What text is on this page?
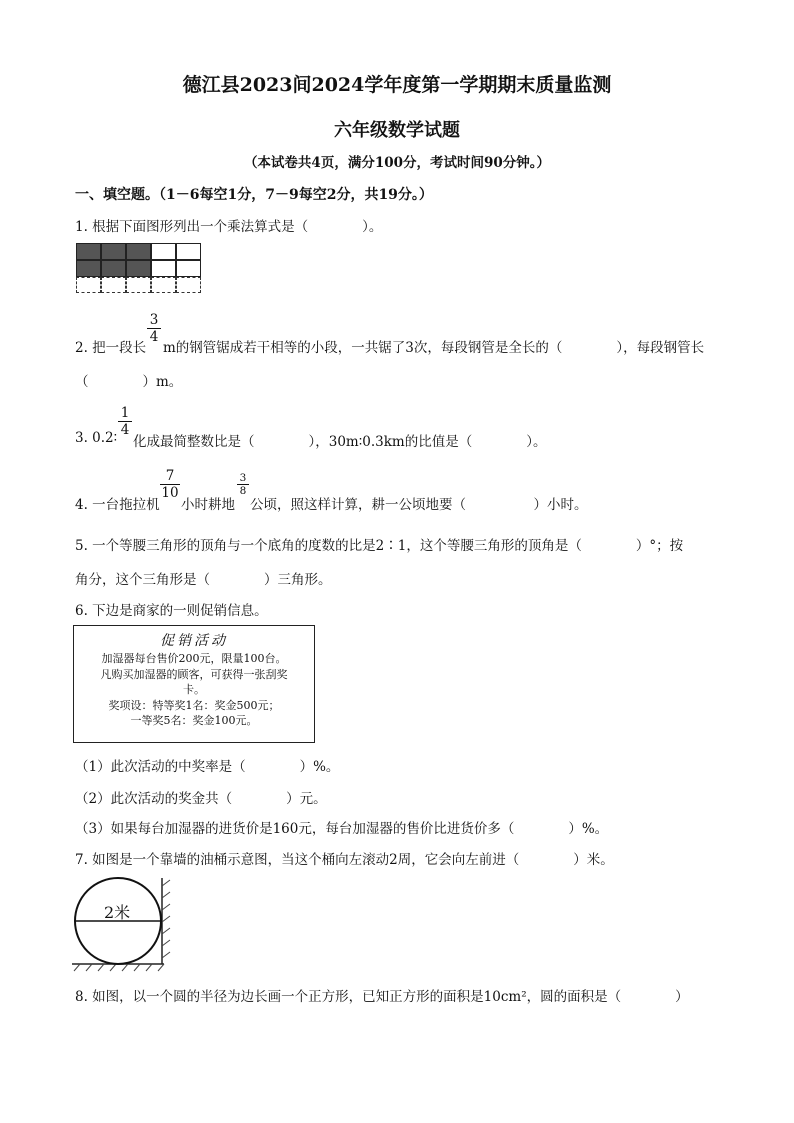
德江县2023间2024学年度第一学期期末质量监测
六年级数学试题
（本试卷共4页，满分100分，考试时间90分钟。）
一、填空题。（1－6每空1分，7－9每空2分，共19分。）
1. 根据下面图形列出一个乘法算式是（　　　　）。
2. 把一段长
$\frac{3}{4}$
m的钢管锯成若干相等的小段，一共锯了3次，每段钢管是全长的（　　　　），每段钢管长
（　　　　）m。
3. 0.2∶ $\frac{1}{4}$
化成最简整数比是（　　　　），30m∶0.3km的比值是（　　　　）。
4. 一台拖拉机
$\frac{7}{10}$
小时耕地
$\frac{3}{8}$
公顷，照这样计算，耕一公顷地要（　　　　　）小时。
5. 一个等腰三角形的顶角与一个底角的度数的比是2∶1，这个等腰三角形的顶角是（　　　　）°；按
角分，这个三角形是（　　　　）三角形。
6. 下边是商家的一则促销信息。
促销活动
加湿器每台售价200元，限量100台。
凡购买加湿器的顾客，可获得一张刮奖
卡。
奖项设：特等奖1名：奖金500元；
一等奖5名：奖金100元。
（1）此次活动的中奖率是（　　　　）%。
（2）此次活动的奖金共（　　　　）元。
（3）如果每台加湿器的进货价是160元，每台加湿器的售价比进货价多（　　　　）%。
7. 如图是一个靠墙的油桶示意图，当这个桶向左滚动2周，它会向左前进（　　　　）米。
2米
8. 如图，以一个圆的半径为边长画一个正方形，已知正方形的面积是10cm²，圆的面积是（　　　　）
